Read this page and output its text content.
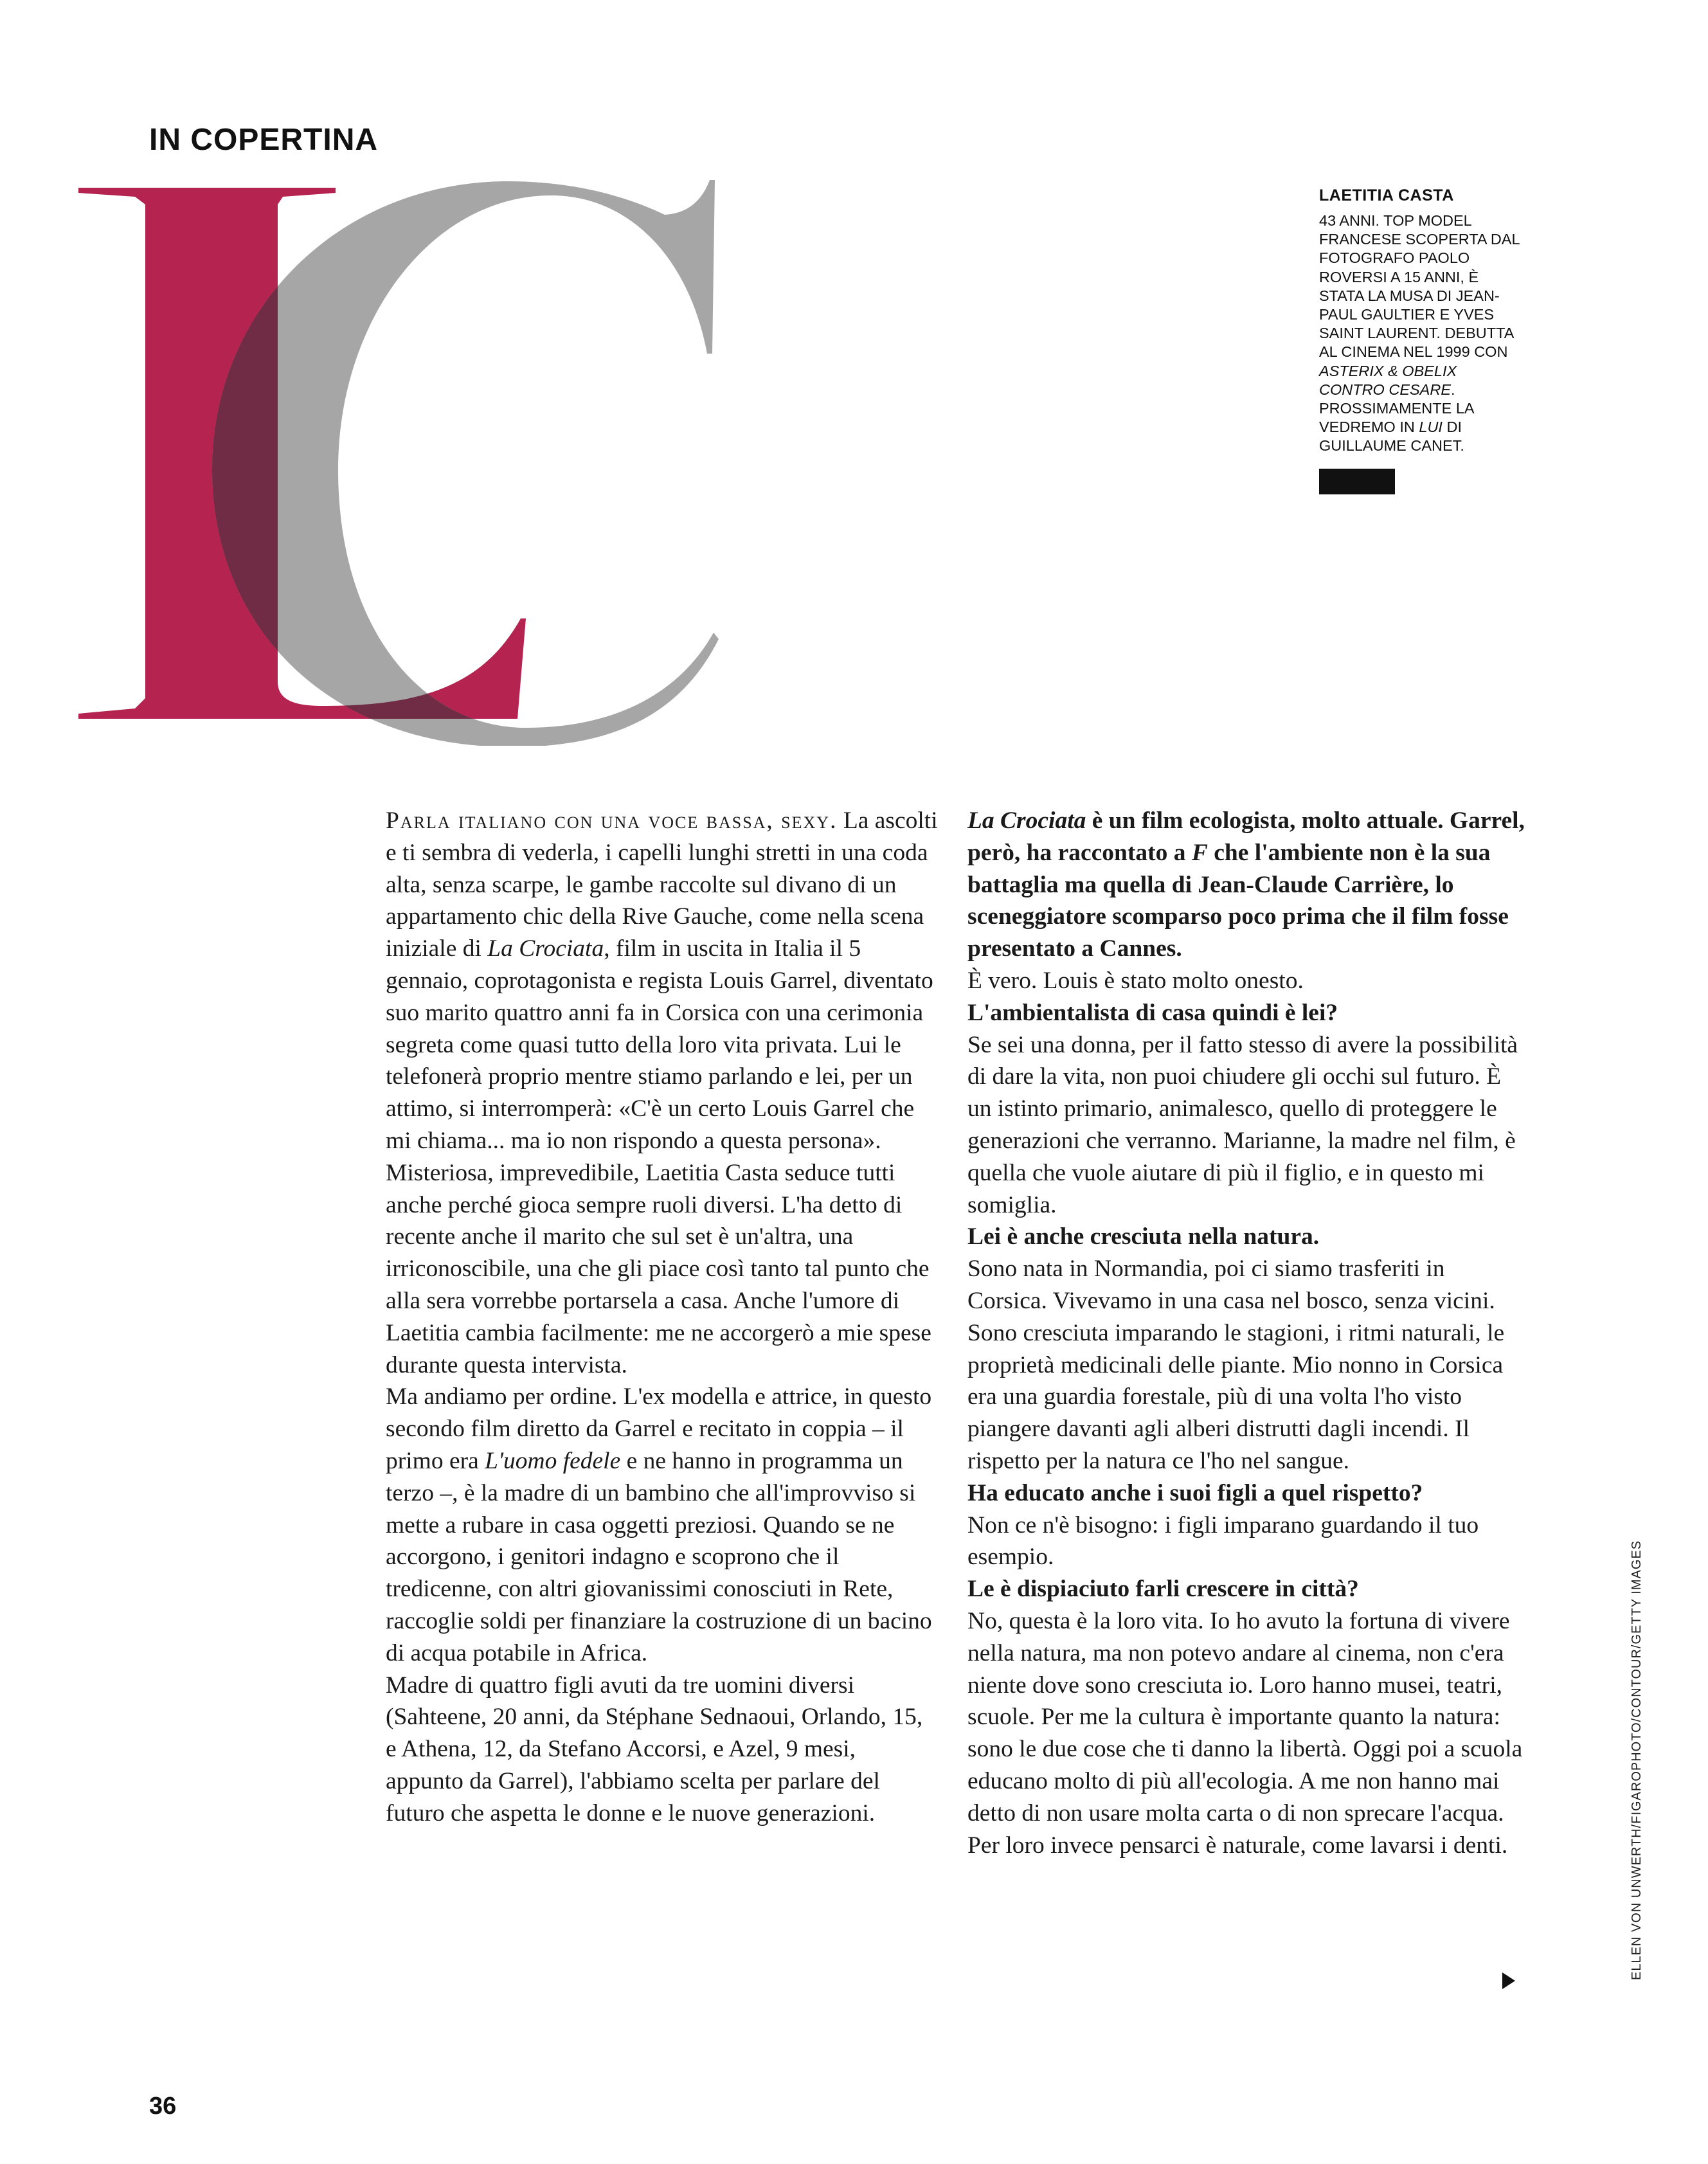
IN COPERTINA
LAETITIA CASTA
43 ANNI. TOP MODEL FRANCESE SCOPERTA DAL FOTOGRAFO PAOLO ROVERSI A 15 ANNI, È STATA LA MUSA DI JEAN-PAUL GAULTIER E YVES SAINT LAURENT. DEBUTTA AL CINEMA NEL 1999 CON ASTERIX & OBELIX CONTRO CESARE. PROSSIMAMENTE LA VEDREMO IN LUI DI GUILLAUME CANET.

Parla italiano con una voce bassa, sexy. La ascolti e ti sembra di vederla, i capelli lunghi stretti in una coda alta, senza scarpe, le gambe raccolte sul divano di un appartamento chic della Rive Gauche, come nella scena iniziale di La Crociata, film in uscita in Italia il 5 gennaio, coprotagonista e regista Louis Garrel, diventato suo marito quattro anni fa in Corsica con una cerimonia segreta come quasi tutto della loro vita privata. Lui le telefonerà proprio mentre stiamo parlando e lei, per un attimo, si interromperà: «C'è un certo Louis Garrel che mi chiama... ma io non rispondo a questa persona».

Misteriosa, imprevedibile, Laetitia Casta seduce tutti anche perché gioca sempre ruoli diversi. L'ha detto di recente anche il marito che sul set è un'altra, una irriconoscibile, una che gli piace così tanto tal punto che alla sera vorrebbe portarsela a casa. Anche l'umore di Laetitia cambia facilmente: me ne accorgerò a mie spese durante questa intervista.

Ma andiamo per ordine. L'ex modella e attrice, in questo secondo film diretto da Garrel e recitato in coppia – il primo era L'uomo fedele e ne hanno in programma un terzo –, è la madre di un bambino che all'improvviso si mette a rubare in casa oggetti preziosi. Quando se ne accorgono, i genitori indagno e scoprono che il tredicenne, con altri giovanissimi conosciuti in Rete, raccoglie soldi per finanziare la costruzione di un bacino di acqua potabile in Africa.

Madre di quattro figli avuti da tre uomini diversi (Sahteene, 20 anni, da Stéphane Sednaoui, Orlando, 15, e Athena, 12, da Stefano Accorsi, e Azel, 9 mesi, appunto da Garrel), l'abbiamo scelta per parlare del futuro che aspetta le donne e le nuove generazioni.

La Crociata è un film ecologista, molto attuale. Garrel, però, ha raccontato a F che l'ambiente non è la sua battaglia ma quella di Jean-Claude Carrière, lo sceneggiatore scomparso poco prima che il film fosse presentato a Cannes.

È vero. Louis è stato molto onesto.

L'ambientalista di casa quindi è lei?

Se sei una donna, per il fatto stesso di avere la possibilità di dare la vita, non puoi chiudere gli occhi sul futuro. È un istinto primario, animalesco, quello di proteggere le generazioni che verranno. Marianne, la madre nel film, è quella che vuole aiutare di più il figlio, e in questo mi somiglia.

Lei è anche cresciuta nella natura.

Sono nata in Normandia, poi ci siamo trasferiti in Corsica. Vivevamo in una casa nel bosco, senza vicini. Sono cresciuta imparando le stagioni, i ritmi naturali, le proprietà medicinali delle piante. Mio nonno in Corsica era una guardia forestale, più di una volta l'ho visto piangere davanti agli alberi distrutti dagli incendi. Il rispetto per la natura ce l'ho nel sangue.

Ha educato anche i suoi figli a quel rispetto?

Non ce n'è bisogno: i figli imparano guardando il tuo esempio.

Le è dispiaciuto farli crescere in città?

No, questa è la loro vita. Io ho avuto la fortuna di vivere nella natura, ma non potevo andare al cinema, non c'era niente dove sono cresciuta io. Loro hanno musei, teatri, scuole. Per me la cultura è importante quanto la natura: sono le due cose che ti danno la libertà. Oggi poi a scuola educano molto di più all'ecologia. A me non hanno mai detto di non usare molta carta o di non sprecare l'acqua. Per loro invece pensarci è naturale, come lavarsi i denti.	ELLEN VON UNWERTH/FIGAROPHOTO/CONTOUR/GETTY IMAGES
36
